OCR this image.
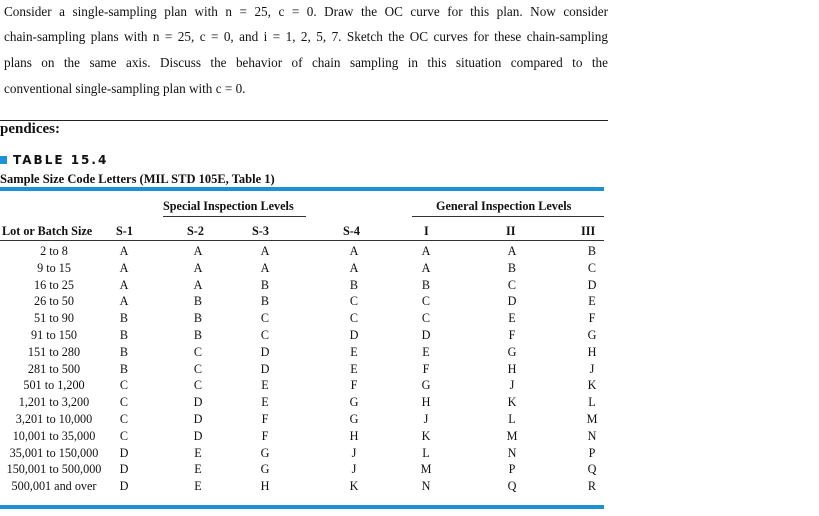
Consider a single-sampling plan with n = 25, c = 0. Draw the OC curve for this plan. Now consider
chain-sampling plans with n = 25, c = 0, and i = 1, 2, 5, 7. Sketch the OC curves for these chain-sampling
plans on the same axis. Discuss the behavior of chain sampling in this situation compared to the
conventional single-sampling plan with c = 0.
pendices:
TABLE 15.4
Sample Size Code Letters (MIL STD 105E, Table 1)
Special Inspection Levels	General Inspection Levels
Lot or Batch Size S-1	S-2	S-3	S-4	I	II	III
2 to 8	A	A	A	A	A	A	B
9 to 15	A	A	A	A	A	B	C
16 to 25	A	A	B	B	B	C	D
26 to 50	A	B	B	C	C	D	E
51 to 90	B	B	C	C	C	E	F
91 to 150	B	B	C	D	D	F	G
151 to 280	B	C	D	E	E	G	H
281 to 500	B	C	D	E	F	H	J
501 to 1,200	C	C	E	F	G	J	K
1,201 to 3,200	C	D	E	G	H	K	L
3,201 to 10,000	C	D	F	G	J	L	M
10,001 to 35,000	C	D	F	H	K	M	N
35,001 to 150,000	D	E	G	J	L	N	P
150,001 to 500,000	D	E	G	J	M	P	Q
500,001 and over	D	E	H	K	N	Q	R
